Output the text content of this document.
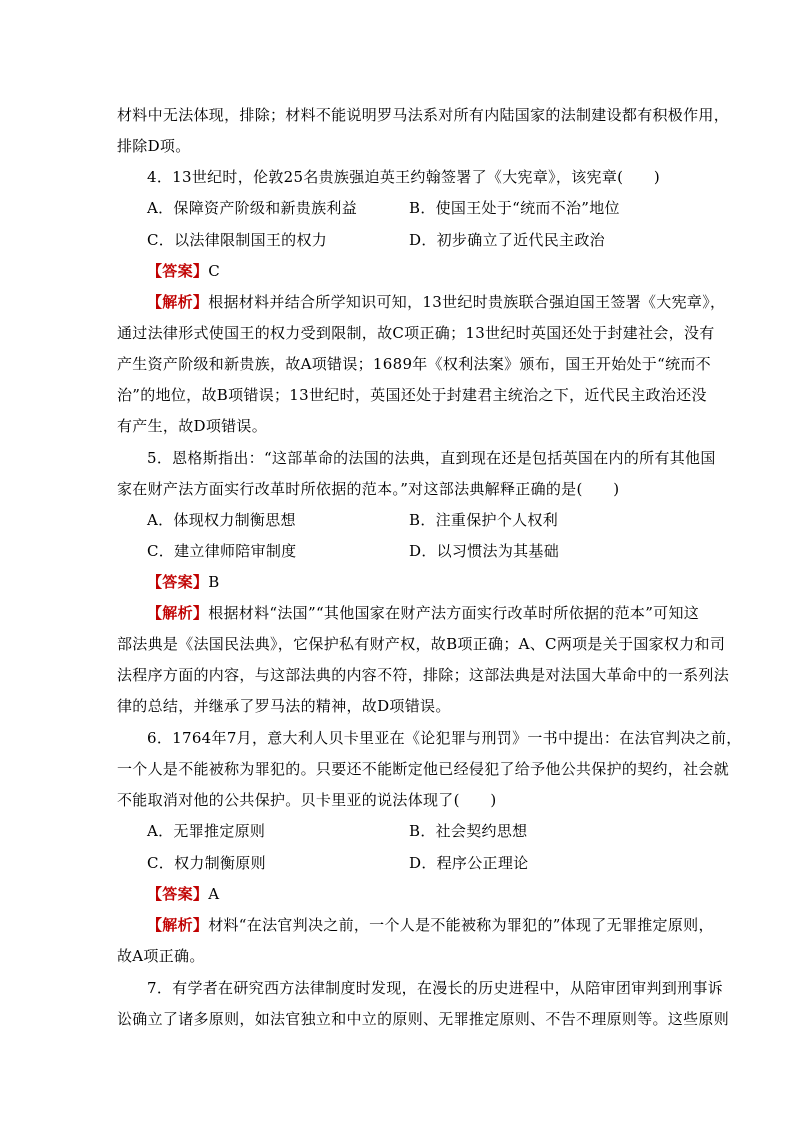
材料中无法体现，排除；材料不能说明罗马法系对所有内陆国家的法制建设都有积极作用，
排除D项。
4．13世纪时，伦敦25名贵族强迫英王约翰签署了《大宪章》，该宪章(　　)
A．保障资产阶级和新贵族利益	B．使国王处于“统而不治”地位
C．以法律限制国王的权力	D．初步确立了近代民主政治
【答案】C
【解析】根据材料并结合所学知识可知，13世纪时贵族联合强迫国王签署《大宪章》，
通过法律形式使国王的权力受到限制，故C项正确；13世纪时英国还处于封建社会，没有
产生资产阶级和新贵族，故A项错误；1689年《权利法案》颁布，国王开始处于“统而不
治”的地位，故B项错误；13世纪时，英国还处于封建君主统治之下，近代民主政治还没
有产生，故D项错误。
5．恩格斯指出：“这部革命的法国的法典，直到现在还是包括英国在内的所有其他国
家在财产法方面实行改革时所依据的范本。”对这部法典解释正确的是(　　)
A．体现权力制衡思想	B．注重保护个人权利
C．建立律师陪审制度	D．以习惯法为其基础
【答案】B
【解析】根据材料“法国”“其他国家在财产法方面实行改革时所依据的范本”可知这
部法典是《法国民法典》，它保护私有财产权，故B项正确；A、C两项是关于国家权力和司
法程序方面的内容，与这部法典的内容不符，排除；这部法典是对法国大革命中的一系列法
律的总结，并继承了罗马法的精神，故D项错误。
6．1764年7月，意大利人贝卡里亚在《论犯罪与刑罚》一书中提出：在法官判决之前，
一个人是不能被称为罪犯的。只要还不能断定他已经侵犯了给予他公共保护的契约，社会就
不能取消对他的公共保护。贝卡里亚的说法体现了(　　)
A．无罪推定原则	B．社会契约思想
C．权力制衡原则	D．程序公正理论
【答案】A
【解析】材料“在法官判决之前，一个人是不能被称为罪犯的”体现了无罪推定原则，
故A项正确。
7．有学者在研究西方法律制度时发现，在漫长的历史进程中，从陪审团审判到刑事诉
讼确立了诸多原则，如法官独立和中立的原则、无罪推定原则、不告不理原则等。这些原则
